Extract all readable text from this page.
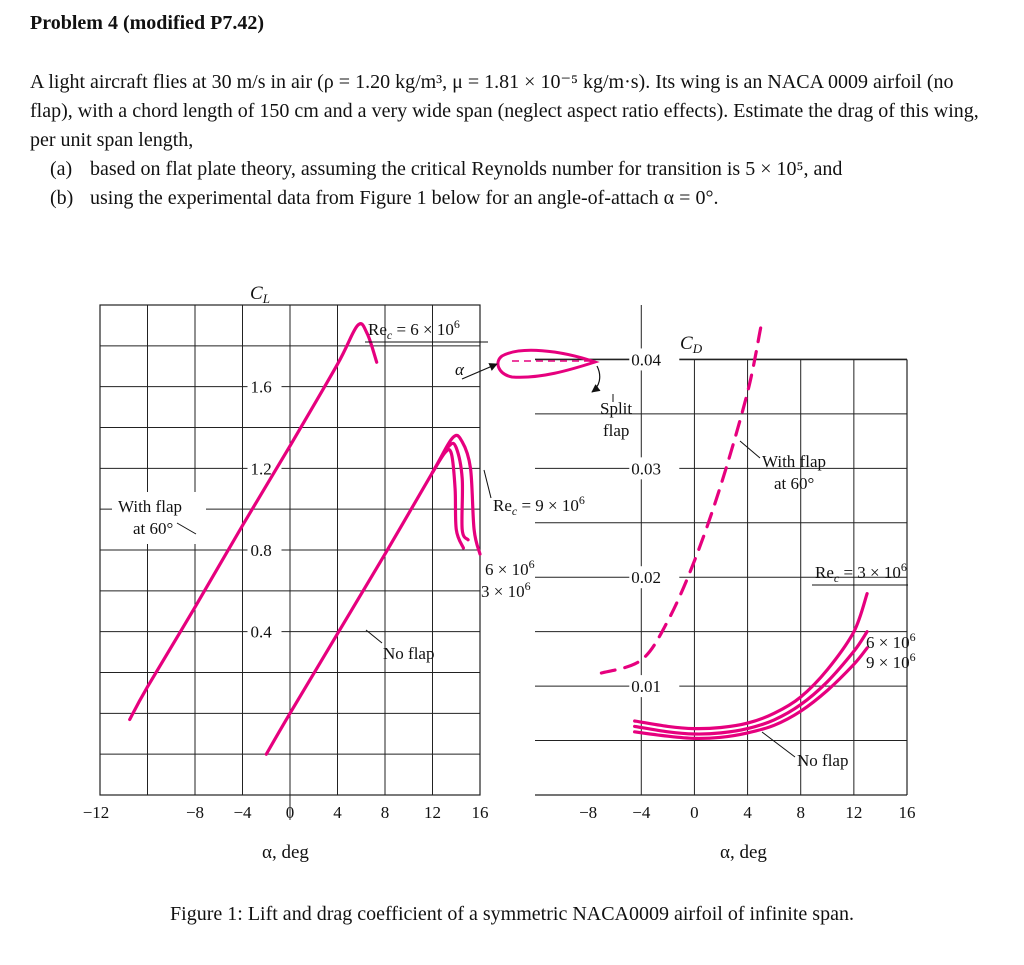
Problem 4 (modified P7.42)

A light aircraft flies at 30 m/s in air (ρ = 1.20 kg/m³, μ = 1.81 × 10⁻⁵ kg/m·s). Its wing is an NACA 0009 airfoil (no flap), with a chord length of 150 cm and a very wide span (neglect aspect ratio effects). Estimate the drag of this wing, per unit span length,

(a) based on flat plate theory, assuming the critical Reynolds number for transition is 5 × 10⁵, and
(b) using the experimental data from Figure 1 below for an angle-of-attach α = 0°.
1.6
1.2
0.8
0.4
−12	−8 −4 0 4 8 12 16
0.04
0.03
0.02
0.01
−8 −4 0	4	8 12 16
$C_L$
α, deg
$Re_c = 6 \times 10^6$
α
Split
flap
$Re_c = 9 \times 10^6$
$6 \times 10^6$
$3 \times 10^6$
No flap
With flap
at 60°
$C_D$
α, deg
With flap
at 60°
$Re_c = 3 \times 10^6$
$6 \times 10^6$
$9 \times 10^6$
No flap
Figure 1: Lift and drag coefficient of a symmetric NACA0009 airfoil of infinite span.
